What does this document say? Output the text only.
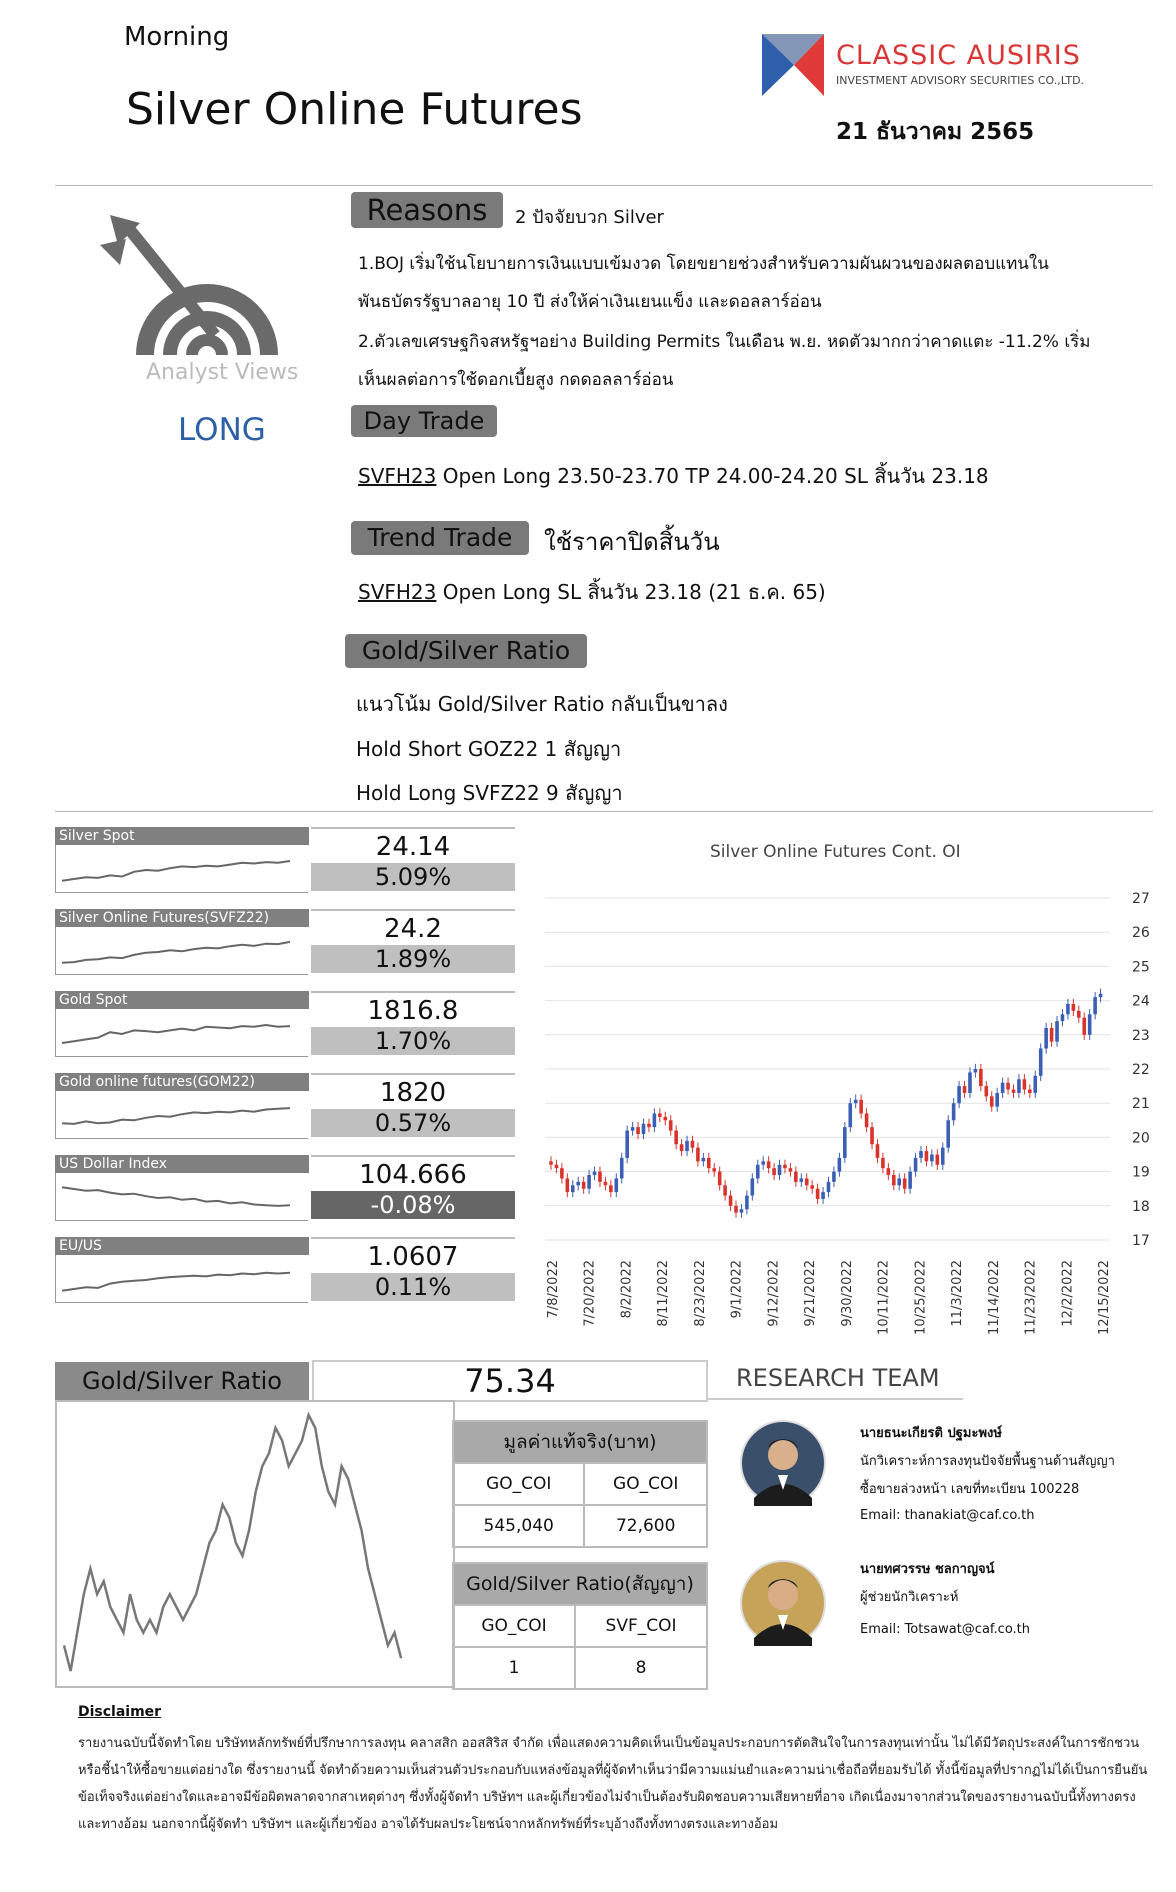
Morning
Silver Online Futures
CLASSIC AUSIRIS
INVESTMENT ADVISORY SECURITIES CO.,LTD.
21 ธันวาคม 2565
Analyst Views
LONG
Reasons	2 ปัจจัยบวก Silver
1.BOJ เริ่มใช้นโยบายการเงินแบบเข้มงวด โดยขยายช่วงสำหรับความผันผวนของผลตอบแทนใน
พันธบัตรรัฐบาลอายุ 10 ปี ส่งให้ค่าเงินเยนแข็ง และดอลลาร์อ่อน
2.ตัวเลขเศรษฐกิจสหรัฐฯอย่าง Building Permits ในเดือน พ.ย. หดตัวมากกว่าคาดแตะ -11.2% เริ่ม
เห็นผลต่อการใช้ดอกเบี้ยสูง กดดอลลาร์อ่อน
Day Trade
SVFH23 Open Long 23.50-23.70 TP 24.00-24.20 SL สิ้นวัน 23.18
Trend Trade	ใช้ราคาปิดสิ้นวัน
SVFH23 Open Long SL สิ้นวัน 23.18 (21 ธ.ค. 65)
Gold/Silver Ratio
แนวโน้ม Gold/Silver Ratio กลับเป็นขาลง
Hold Short GOZ22 1 สัญญา
Hold Long SVFZ22 9 สัญญา
Silver Spot	24.14
5.09%
Silver Online Futures(SVFZ22)	24.2
1.89%
Gold Spot	1816.8
1.70%
Gold online futures(GOM22)	1820
0.57%
US Dollar Index	104.666
-0.08%
EU/US	1.0607
0.11%
Silver Online Futures Cont. OI
17
18
19
20
21
22
23
24
25
26
27
7/8/2022 7/20/2022 8/2/2022 8/11/2022 8/23/2022 9/1/2022 9/12/2022 9/21/2022 9/30/2022 10/11/2022 10/25/2022 11/3/2022 11/14/2022 11/23/2022 12/2/2022 12/15/2022
Gold/Silver Ratio	75.34
มูลค่าแท้จริง(บาท)
GO_COI	GO_COI
545,040	72,600
Gold/Silver Ratio(สัญญา)
GO_COI	SVF_COI
1	8
RESEARCH TEAM
นายธนะเกียรติ ปฐมะพงษ์
นักวิเคราะห์การลงทุนปัจจัยพื้นฐานด้านสัญญา
ซื้อขายล่วงหน้า เลขที่ทะเบียน 100228
Email: thanakiat@caf.co.th
นายทศวรรษ ชลกาญจน์
ผู้ช่วยนักวิเคราะห์
Email: Totsawat@caf.co.th
Disclaimer
รายงานฉบับนี้จัดทำโดย บริษัทหลักทรัพย์ที่ปรึกษาการลงทุน คลาสสิก ออสสิริส จำกัด เพื่อแสดงความคิดเห็นเป็นข้อมูลประกอบการตัดสินใจในการลงทุนเท่านั้น ไม่ได้มีวัตถุประสงค์ในการชักชวน
หรือชี้นำให้ซื้อขายแต่อย่างใด ซึ่งรายงานนี้ จัดทำด้วยความเห็นส่วนตัวประกอบกับแหล่งข้อมูลที่ผู้จัดทำเห็นว่ามีความแม่นยำและความน่าเชื่อถือที่ยอมรับได้ ทั้งนี้ข้อมูลที่ปรากฏไม่ได้เป็นการยืนยัน
ข้อเท็จจริงแต่อย่างใดและอาจมีข้อผิดพลาดจากสาเหตุต่างๆ ซึ่งทั้งผู้จัดทำ บริษัทฯ และผู้เกี่ยวข้องไม่จำเป็นต้องรับผิดชอบความเสียหายที่อาจ เกิดเนื่องมาจากส่วนใดของรายงานฉบับนี้ทั้งทางตรง
และทางอ้อม นอกจากนี้ผู้จัดทำ บริษัทฯ และผู้เกี่ยวข้อง อาจได้รับผลประโยชน์จากหลักทรัพย์ที่ระบุอ้างถึงทั้งทางตรงและทางอ้อม
